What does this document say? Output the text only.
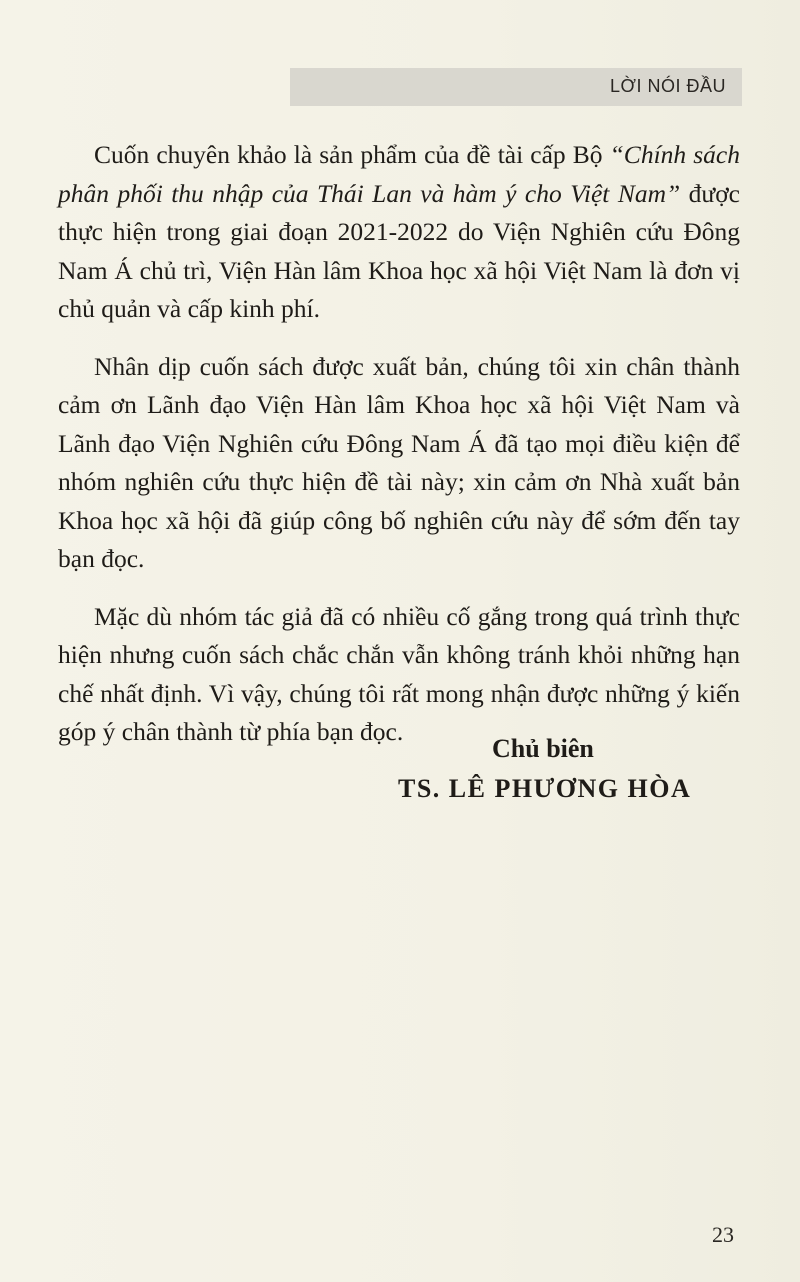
LỜI NÓI ĐẦU

Cuốn chuyên khảo là sản phẩm của đề tài cấp Bộ “Chính sách phân phối thu nhập của Thái Lan và hàm ý cho Việt Nam” được thực hiện trong giai đoạn 2021-2022 do Viện Nghiên cứu Đông Nam Á chủ trì, Viện Hàn lâm Khoa học xã hội Việt Nam là đơn vị chủ quản và cấp kinh phí.

Nhân dịp cuốn sách được xuất bản, chúng tôi xin chân thành cảm ơn Lãnh đạo Viện Hàn lâm Khoa học xã hội Việt Nam và Lãnh đạo Viện Nghiên cứu Đông Nam Á đã tạo mọi điều kiện để nhóm nghiên cứu thực hiện đề tài này; xin cảm ơn Nhà xuất bản Khoa học xã hội đã giúp công bố nghiên cứu này để sớm đến tay bạn đọc.

Mặc dù nhóm tác giả đã có nhiều cố gắng trong quá trình thực hiện nhưng cuốn sách chắc chắn vẫn không tránh khỏi những hạn chế nhất định. Vì vậy, chúng tôi rất mong nhận được những ý kiến góp ý chân thành từ phía bạn đọc.

Chủ biên
TS. LÊ PHƯƠNG HÒA
23
